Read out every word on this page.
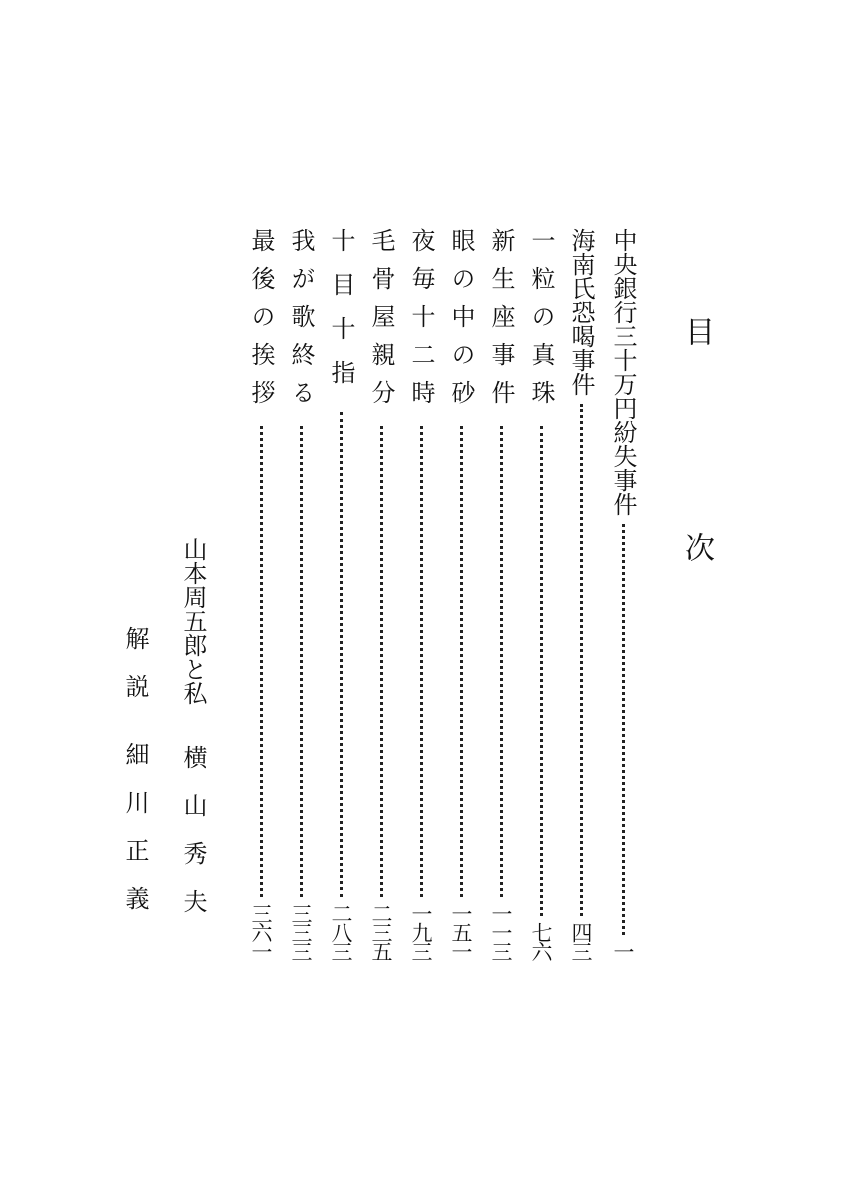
目　次
中央銀行三十万円紛失事件
一
海南氏恐喝事件
四三
一粒の真珠
七六
新生座事件
一一三
眼の中の砂
一五一
夜毎十二時
一九三
毛骨屋親分
二三五
十目十指
二八三
我が歌終る
三三三
最後の挨拶
三六一
山本周五郎と私横　山　秀　夫
解　説細　川　正　義
